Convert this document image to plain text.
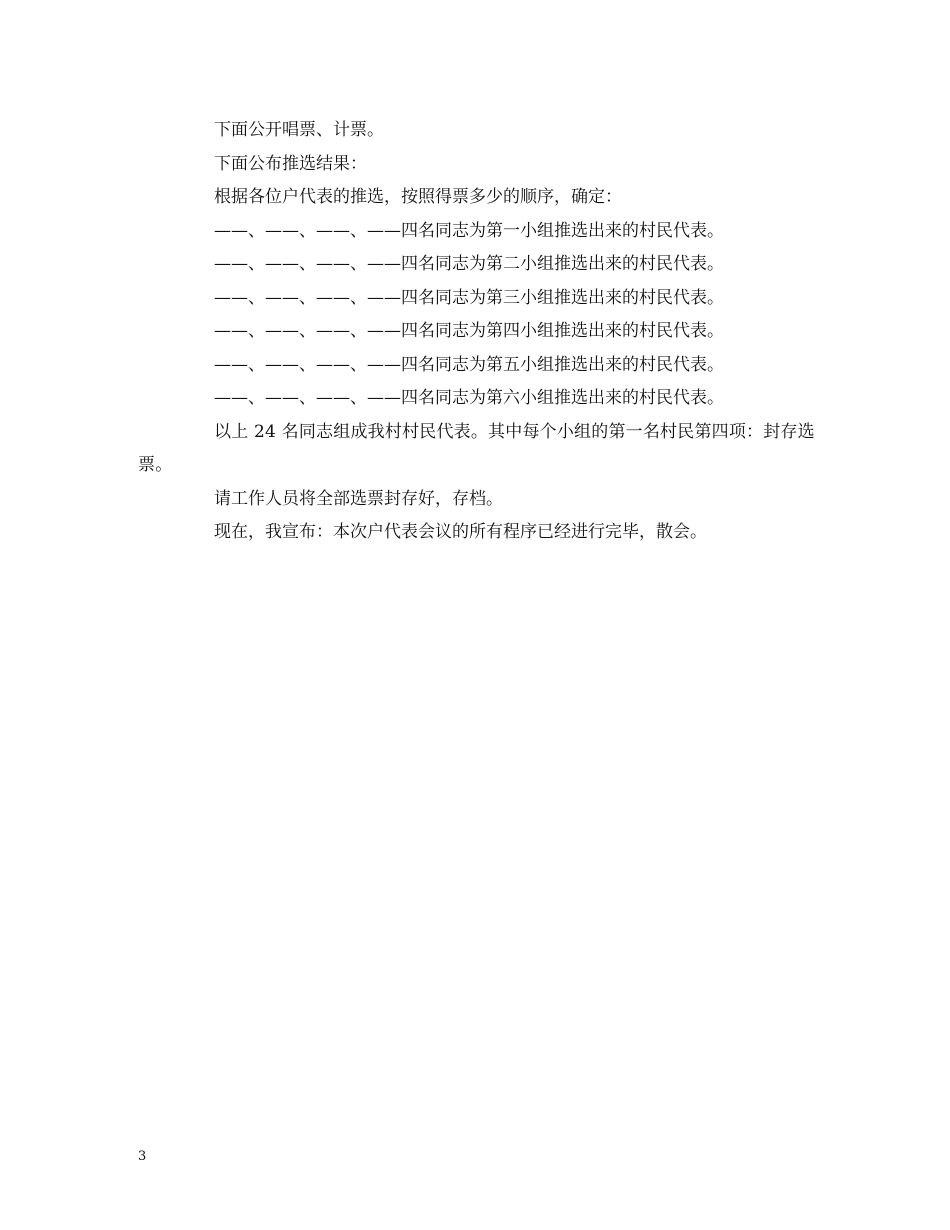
下面公开唱票、计票。

下面公布推选结果：

根据各位户代表的推选，按照得票多少的顺序，确定：

——、——、——、——四名同志为第一小组推选出来的村民代表。

——、——、——、——四名同志为第二小组推选出来的村民代表。

——、——、——、——四名同志为第三小组推选出来的村民代表。

——、——、——、——四名同志为第四小组推选出来的村民代表。

——、——、——、——四名同志为第五小组推选出来的村民代表。

——、——、——、——四名同志为第六小组推选出来的村民代表。

以上 24 名同志组成我村村民代表。其中每个小组的第一名村民第四项：封存选票。

请工作人员将全部选票封存好，存档。

现在，我宣布：本次户代表会议的所有程序已经进行完毕，散会。

3
